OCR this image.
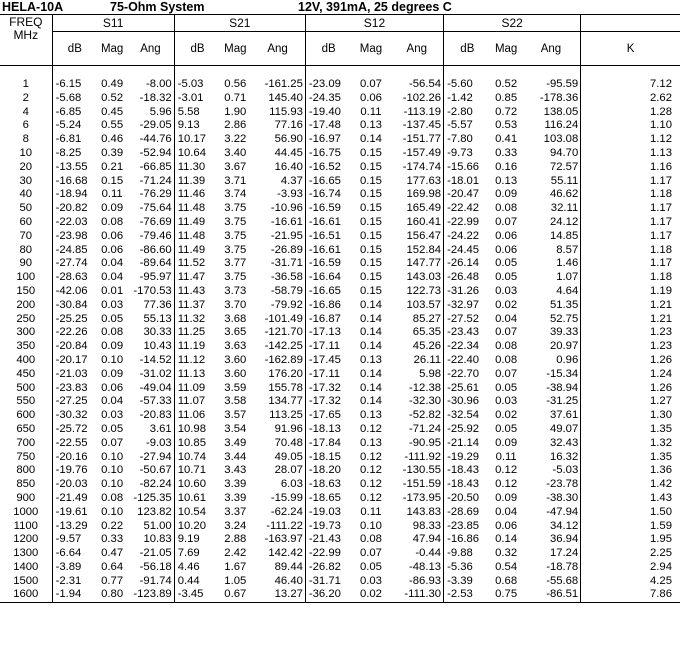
HELA-10A	75-Ohm System	12V, 391mA, 25 degrees C
FREQ
MHz	S11			S21			S12			S22			
	dB	Mag	Ang	dB	Mag	Ang	dB	Mag	Ang	dB	Mag	Ang	K

1	-6.15	0.49	-8.00	-5.03	0.56	-161.25	-23.09	0.07	-56.54	-5.60	0.52	-95.59	7.12
2	-5.68	0.52	-18.32	-3.01	0.71	145.40	-24.35	0.06	-102.26	-1.42	0.85	-178.36	2.62
4	-6.85	0.45	5.96	5.58	1.90	115.93	-19.40	0.11	-113.19	-2.80	0.72	138.05	1.28
6	-5.24	0.55	-29.05	9.13	2.86	77.16	-17.48	0.13	-137.45	-5.57	0.53	116.24	1.10
8	-6.81	0.46	-44.76	10.17	3.22	56.90	-16.97	0.14	-151.77	-7.80	0.41	103.08	1.12
10	-8.25	0.39	-52.94	10.64	3.40	44.45	-16.75	0.15	-157.49	-9.73	0.33	94.70	1.13
20	-13.55	0.21	-66.85	11.30	3.67	16.40	-16.52	0.15	-174.74	-15.66	0.16	72.57	1.16
30	-16.68	0.15	-71.24	11.39	3.71	4.37	-16.65	0.15	177.63	-18.01	0.13	55.11	1.17
40	-18.94	0.11	-76.29	11.46	3.74	-3.93	-16.74	0.15	169.98	-20.47	0.09	46.62	1.18
50	-20.82	0.09	-75.64	11.48	3.75	-10.96	-16.59	0.15	165.49	-22.42	0.08	32.11	1.17
60	-22.03	0.08	-76.69	11.49	3.75	-16.61	-16.61	0.15	160.41	-22.99	0.07	24.12	1.17
70	-23.98	0.06	-79.46	11.48	3.75	-21.95	-16.51	0.15	156.47	-24.22	0.06	14.85	1.17
80	-24.85	0.06	-86.60	11.49	3.75	-26.89	-16.61	0.15	152.84	-24.45	0.06	8.57	1.18
90	-27.74	0.04	-89.64	11.52	3.77	-31.71	-16.59	0.15	147.77	-26.14	0.05	1.46	1.17
100	-28.63	0.04	-95.97	11.47	3.75	-36.58	-16.64	0.15	143.03	-26.48	0.05	1.07	1.18
150	-42.06	0.01	-170.53	11.43	3.73	-58.79	-16.65	0.15	122.73	-31.26	0.03	4.64	1.19
200	-30.84	0.03	77.36	11.37	3.70	-79.92	-16.86	0.14	103.57	-32.97	0.02	51.35	1.21
250	-25.25	0.05	55.13	11.32	3.68	-101.49	-16.87	0.14	85.27	-27.52	0.04	52.75	1.21
300	-22.26	0.08	30.33	11.25	3.65	-121.70	-17.13	0.14	65.35	-23.43	0.07	39.33	1.23
350	-20.84	0.09	10.43	11.19	3.63	-142.25	-17.11	0.14	45.26	-22.34	0.08	20.97	1.23
400	-20.17	0.10	-14.52	11.12	3.60	-162.89	-17.45	0.13	26.11	-22.40	0.08	0.96	1.26
450	-21.03	0.09	-31.02	11.13	3.60	176.20	-17.11	0.14	5.98	-22.70	0.07	-15.34	1.24
500	-23.83	0.06	-49.04	11.09	3.59	155.78	-17.32	0.14	-12.38	-25.61	0.05	-38.94	1.26
550	-27.25	0.04	-57.33	11.07	3.58	134.77	-17.32	0.14	-32.30	-30.96	0.03	-31.25	1.27
600	-30.32	0.03	-20.83	11.06	3.57	113.25	-17.65	0.13	-52.82	-32.54	0.02	37.61	1.30
650	-25.72	0.05	3.61	10.98	3.54	91.96	-18.13	0.12	-71.24	-25.92	0.05	49.07	1.35
700	-22.55	0.07	-9.03	10.85	3.49	70.48	-17.84	0.13	-90.95	-21.14	0.09	32.43	1.32
750	-20.16	0.10	-27.94	10.74	3.44	49.05	-18.15	0.12	-111.92	-19.29	0.11	16.32	1.35
800	-19.76	0.10	-50.67	10.71	3.43	28.07	-18.20	0.12	-130.55	-18.43	0.12	-5.03	1.36
850	-20.03	0.10	-82.24	10.60	3.39	6.03	-18.63	0.12	-151.59	-18.43	0.12	-23.78	1.42
900	-21.49	0.08	-125.35	10.61	3.39	-15.99	-18.65	0.12	-173.95	-20.50	0.09	-38.30	1.43
1000	-19.61	0.10	123.82	10.54	3.37	-62.24	-19.03	0.11	143.83	-28.69	0.04	-47.94	1.50
1100	-13.29	0.22	51.00	10.20	3.24	-111.22	-19.73	0.10	98.33	-23.85	0.06	34.12	1.59
1200	-9.57	0.33	10.83	9.19	2.88	-163.97	-21.43	0.08	47.94	-16.86	0.14	36.94	1.95
1300	-6.64	0.47	-21.05	7.69	2.42	142.42	-22.99	0.07	-0.44	-9.88	0.32	17.24	2.25
1400	-3.89	0.64	-56.18	4.46	1.67	89.44	-26.82	0.05	-48.13	-5.36	0.54	-18.78	2.94
1500	-2.31	0.77	-91.74	0.44	1.05	46.40	-31.71	0.03	-86.93	-3.39	0.68	-55.68	4.25
1600	-1.94	0.80	-123.89	-3.45	0.67	13.27	-36.20	0.02	-111.30	-2.53	0.75	-86.51	7.86
